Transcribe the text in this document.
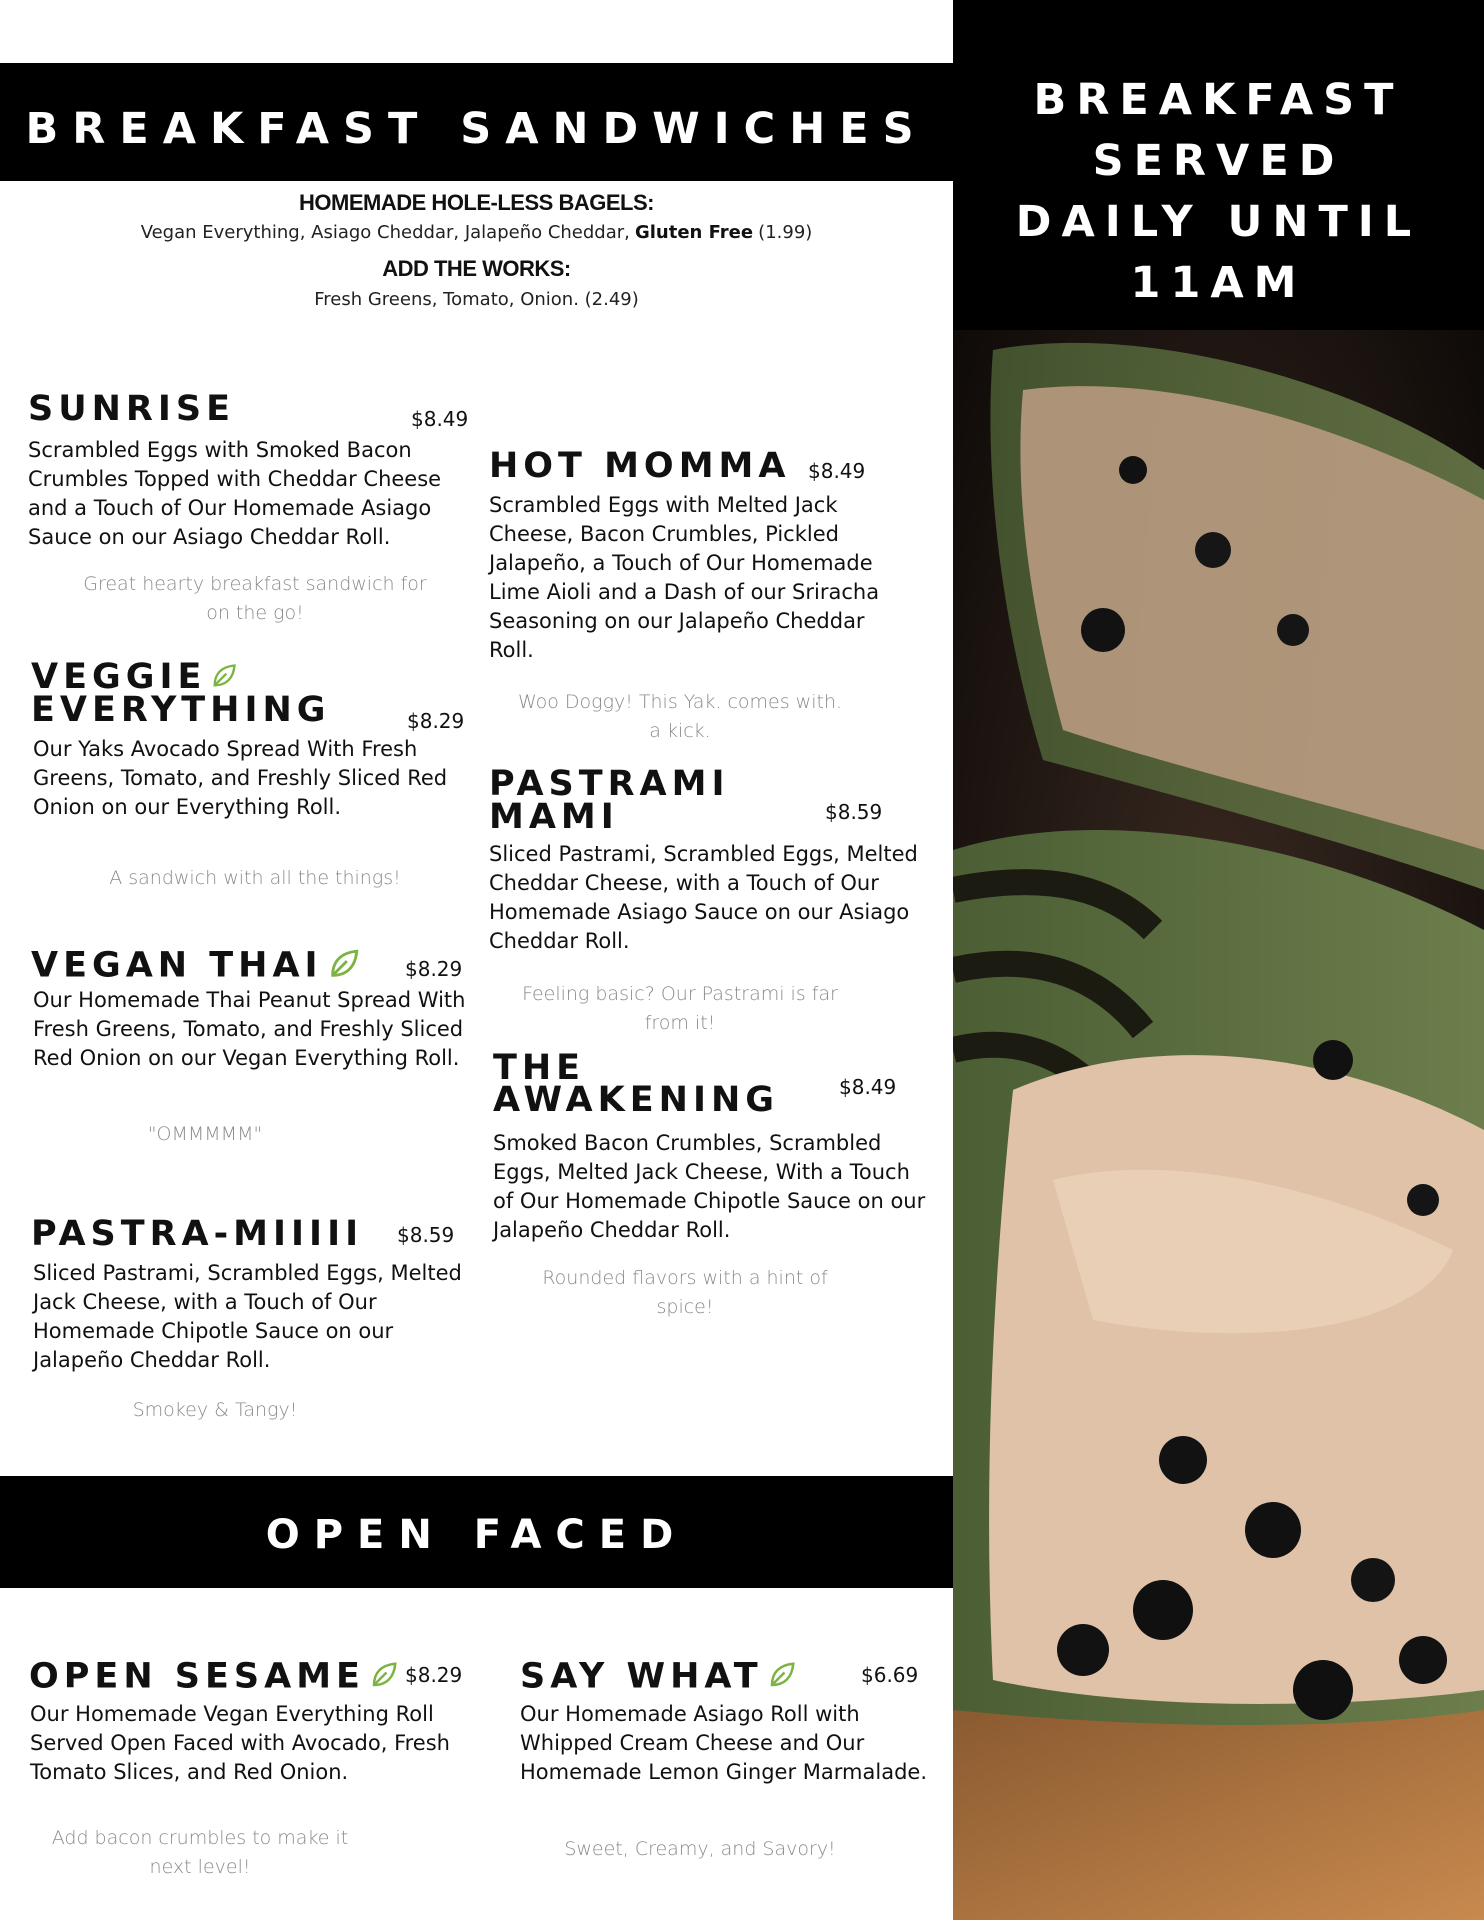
BREAKFAST
SERVED
DAILY UNTIL
11AM
BREAKFAST SANDWICHES
HOMEMADE HOLE-LESS BAGELS:
Vegan Everything, Asiago Cheddar, Jalapeño Cheddar, Gluten Free (1.99)
ADD THE WORKS:
Fresh Greens, Tomato, Onion. (2.49)
SUNRISE	$8.49
Scrambled Eggs with Smoked Bacon Crumbles Topped with Cheddar Cheese and a Touch of Our Homemade Asiago Sauce on our Asiago Cheddar Roll.
Great hearty breakfast sandwich for on the go!
VEGGIE
EVERYTHING	$8.29
Our Yaks Avocado Spread With Fresh Greens, Tomato, and Freshly Sliced Red Onion on our Everything Roll.
A sandwich with all the things!
VEGAN THAI	$8.29
Our Homemade Thai Peanut Spread With Fresh Greens, Tomato, and Freshly Sliced Red Onion on our Vegan Everything Roll.
"OMMMMM"
PASTRA-MIIIII $8.59
Sliced Pastrami, Scrambled Eggs, Melted Jack Cheese, with a Touch of Our Homemade Chipotle Sauce on our Jalapeño Cheddar Roll.
Smokey & Tangy!
HOT MOMMA $8.49
Scrambled Eggs with Melted Jack Cheese, Bacon Crumbles, Pickled Jalapeño, a Touch of Our Homemade Lime Aioli and a Dash of our Sriracha Seasoning on our Jalapeño Cheddar Roll.
Woo Doggy! This Yak. comes with. a kick.
PASTRAMI
MAMI	$8.59
Sliced Pastrami, Scrambled Eggs, Melted Cheddar Cheese, with a Touch of Our Homemade Asiago Sauce on our Asiago Cheddar Roll.
Feeling basic? Our Pastrami is far from it!
THE
AWAKENING	$8.49
Smoked Bacon Crumbles, Scrambled Eggs, Melted Jack Cheese, With a Touch of Our Homemade Chipotle Sauce on our Jalapeño Cheddar Roll.
Rounded flavors with a hint of spice!
OPEN FACED
OPEN SESAME	$8.29
Our Homemade Vegan Everything Roll Served Open Faced with Avocado, Fresh Tomato Slices, and Red Onion.
Add bacon crumbles to make it next level!
SAY WHAT	$6.69
Our Homemade Asiago Roll with Whipped Cream Cheese and Our Homemade Lemon Ginger Marmalade.
Sweet, Creamy, and Savory!
